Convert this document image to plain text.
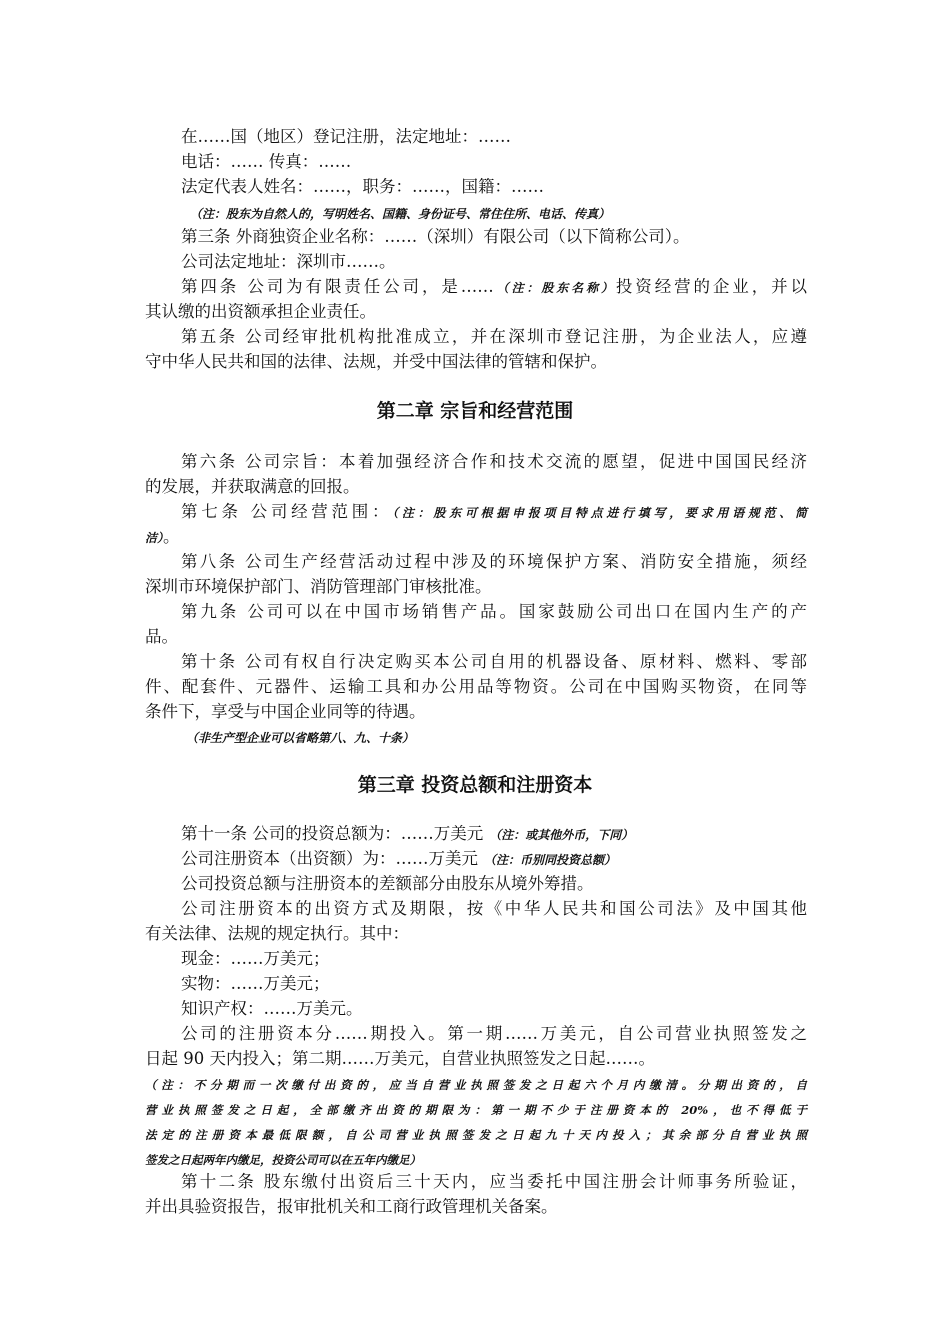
在……国（地区）登记注册，法定地址：……
电话：…… 传真：……
法定代表人姓名：……，职务：……，国籍：……
（注：股东为自然人的，写明姓名、国籍、身份证号、常住住所、电话、传真）
第三条 外商独资企业名称：……（深圳）有限公司（以下简称公司）。
公司法定地址：深圳市……。
第四条 公司为有限责任公司，是……（注：股东名称）投资经营的企业，并以
其认缴的出资额承担企业责任。
第五条 公司经审批机构批准成立，并在深圳市登记注册，为企业法人，应遵
守中华人民共和国的法律、法规，并受中国法律的管辖和保护。
第二章 宗旨和经营范围
第六条 公司宗旨：本着加强经济合作和技术交流的愿望，促进中国国民经济
的发展，并获取满意的回报。
第七条 公司经营范围：（注：股东可根据申报项目特点进行填写，要求用语规范、简
洁）。
第八条 公司生产经营活动过程中涉及的环境保护方案、消防安全措施，须经
深圳市环境保护部门、消防管理部门审核批准。
第九条 公司可以在中国市场销售产品。国家鼓励公司出口在国内生产的产
品。
第十条 公司有权自行决定购买本公司自用的机器设备、原材料、燃料、零部
件、配套件、元器件、运输工具和办公用品等物资。公司在中国购买物资，在同等
条件下，享受与中国企业同等的待遇。
（非生产型企业可以省略第八、九、十条）
第三章 投资总额和注册资本
第十一条 公司的投资总额为：……万美元 （注：或其他外币，下同）
公司注册资本（出资额）为：……万美元 （注：币别同投资总额）
公司投资总额与注册资本的差额部分由股东从境外筹措。
公司注册资本的出资方式及期限，按《中华人民共和国公司法》及中国其他
有关法律、法规的规定执行。其中：
现金：……万美元；
实物：……万美元；
知识产权：……万美元。
公司的注册资本分……期投入。第一期……万美元，自公司营业执照签发之
日起 90 天内投入；第二期……万美元，自营业执照签发之日起……。
（注：不分期而一次缴付出资的，应当自营业执照签发之日起六个月内缴清。分期出资的，自
营业执照签发之日起，全部缴齐出资的期限为：第一期不少于注册资本的 20%，也不得低于
法定的注册资本最低限额，自公司营业执照签发之日起九十天内投入；其余部分自营业执照
签发之日起两年内缴足，投资公司可以在五年内缴足）
第十二条 股东缴付出资后三十天内，应当委托中国注册会计师事务所验证，
并出具验资报告，报审批机关和工商行政管理机关备案。
